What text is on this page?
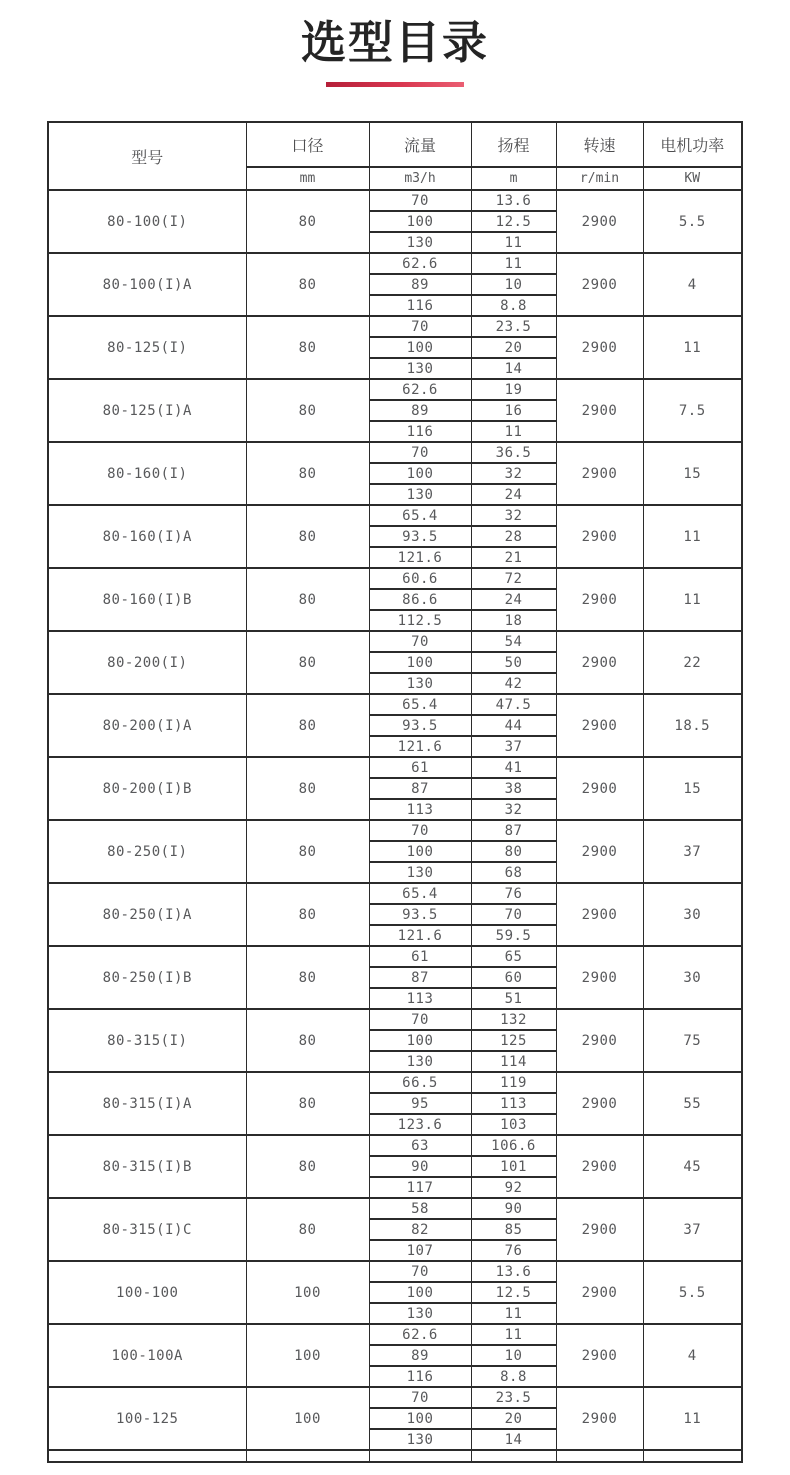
选型目录
型号	口径	流量	扬程	转速	电机功率
	mm	m3/h	m	r/min	KW
80-100(I)	80	70	13.6	2900	5.5
		100	12.5		
		130	11		
80-100(I)A	80	62.6	11	2900	4
		89	10		
		116	8.8		
80-125(I)	80	70	23.5	2900	11
		100	20		
		130	14		
80-125(I)A	80	62.6	19	2900	7.5
		89	16		
		116	11		
80-160(I)	80	70	36.5	2900	15
		100	32		
		130	24		
80-160(I)A	80	65.4	32	2900	11
		93.5	28		
		121.6	21		
80-160(I)B	80	60.6	72	2900	11
		86.6	24		
		112.5	18		
80-200(I)	80	70	54	2900	22
		100	50		
		130	42		
80-200(I)A	80	65.4	47.5	2900	18.5
		93.5	44		
		121.6	37		
80-200(I)B	80	61	41	2900	15
		87	38		
		113	32		
80-250(I)	80	70	87	2900	37
		100	80		
		130	68		
80-250(I)A	80	65.4	76	2900	30
		93.5	70		
		121.6	59.5		
80-250(I)B	80	61	65	2900	30
		87	60		
		113	51		
80-315(I)	80	70	132	2900	75
		100	125		
		130	114		
80-315(I)A	80	66.5	119	2900	55
		95	113		
		123.6	103		
80-315(I)B	80	63	106.6	2900	45
		90	101		
		117	92		
80-315(I)C	80	58	90	2900	37
		82	85		
		107	76		
100-100	100	70	13.6	2900	5.5
		100	12.5		
		130	11		
100-100A	100	62.6	11	2900	4
		89	10		
		116	8.8		
100-125	100	70	23.5	2900	11
		100	20		
		130	14		
